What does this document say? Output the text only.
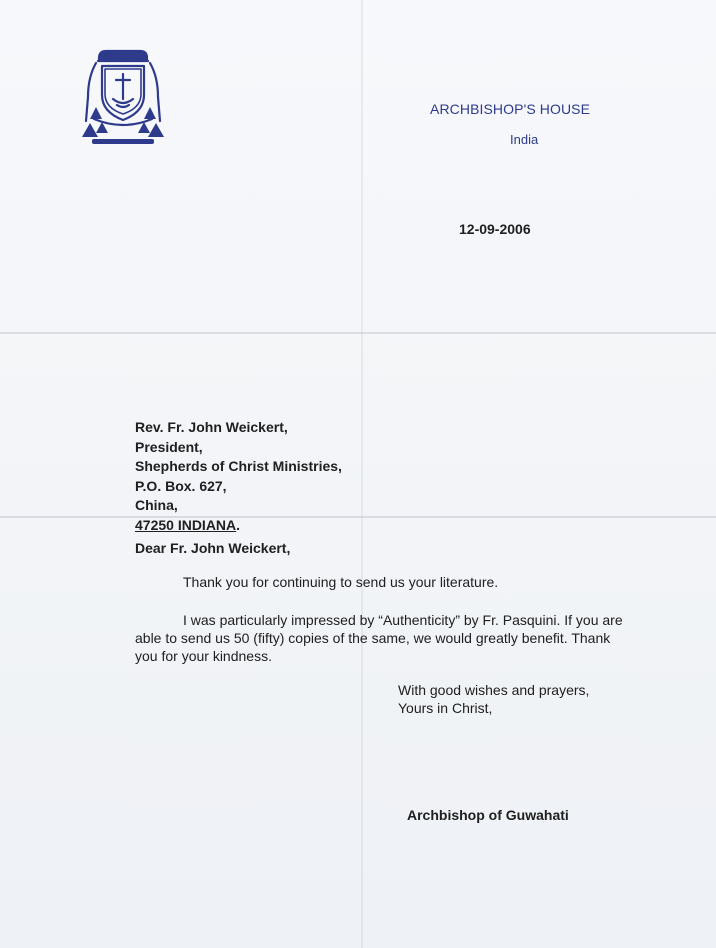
ARCHBISHOP'S HOUSE
India
12-09-2006
Rev. Fr. John Weickert,
President,
Shepherds of Christ Ministries,
P.O. Box. 627,
China,
47250 INDIANA.
Dear Fr. John Weickert,
Thank you for continuing to send us your literature.
I was particularly impressed by “Authenticity” by Fr. Pasquini. If you are able to send us 50 (fifty) copies of the same, we would greatly benefit. Thank you for your kindness.
With good wishes and prayers,
Yours in Christ,
Archbishop of Guwahati
